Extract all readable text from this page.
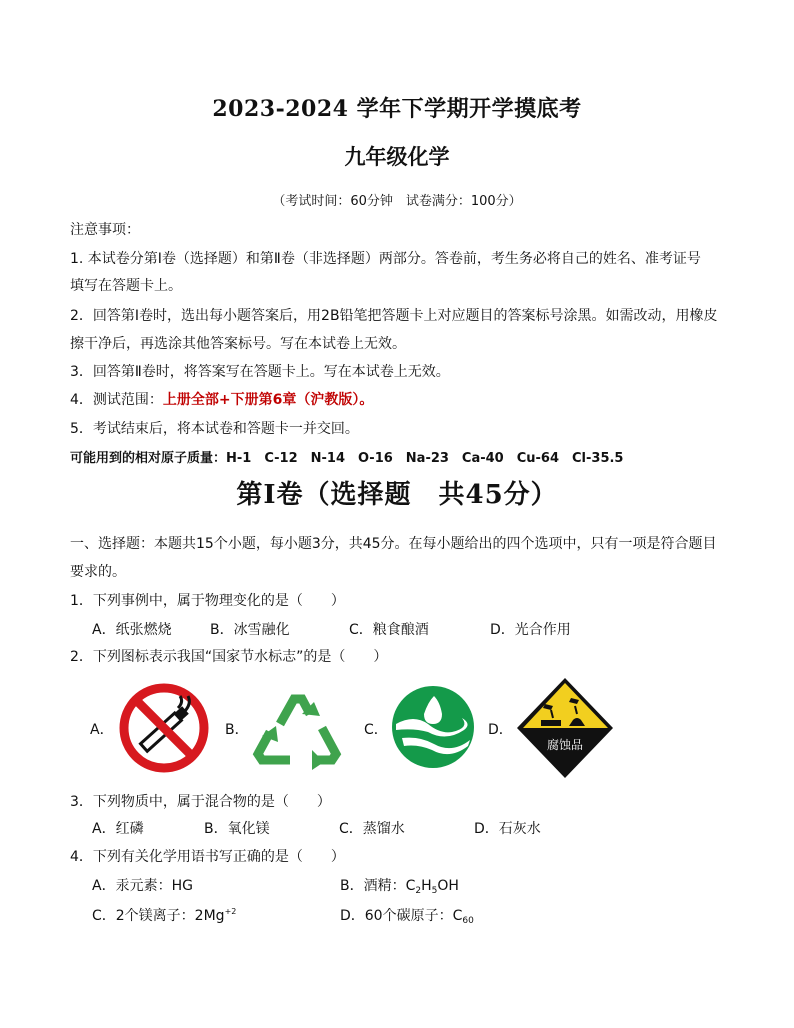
2023-2024 学年下学期开学摸底考
九年级化学
（考试时间：60分钟　试卷满分：100分）
注意事项：
1. 本试卷分第Ⅰ卷（选择题）和第Ⅱ卷（非选择题）两部分。答卷前，考生务必将自己的姓名、准考证号
填写在答题卡上。
2．回答第Ⅰ卷时，选出每小题答案后，用2B铅笔把答题卡上对应题目的答案标号涂黑。如需改动，用橡皮
擦干净后，再选涂其他答案标号。写在本试卷上无效。
3．回答第Ⅱ卷时，将答案写在答题卡上。写在本试卷上无效。
4．测试范围：上册全部+下册第6章（沪教版）。
5．考试结束后，将本试卷和答题卡一并交回。
可能用到的相对原子质量：H-1　C-12　N-14　O-16　Na-23　Ca-40　Cu-64　Cl-35.5
第Ⅰ卷（选择题　共45分）
一、选择题：本题共15个小题，每小题3分，共45分。在每小题给出的四个选项中，只有一项是符合题目
要求的。
1．下列事例中，属于物理变化的是（　　）
A．纸张燃烧	B．冰雪融化	C．粮食酿酒	D．光合作用
2．下列图标表示我国“国家节水标志”的是（　　）
A．	B．	C．	D．
腐蚀品
3．下列物质中，属于混合物的是（　　）
A．红磷	B．氧化镁	C．蒸馏水	D．石灰水
4．下列有关化学用语书写正确的是（　　）
A．汞元素：HG	B．酒精：$C_2H_5OH$
C．2个镁离子：$2Mg^{+2}$	D．60个碳原子：$C_{60}$
